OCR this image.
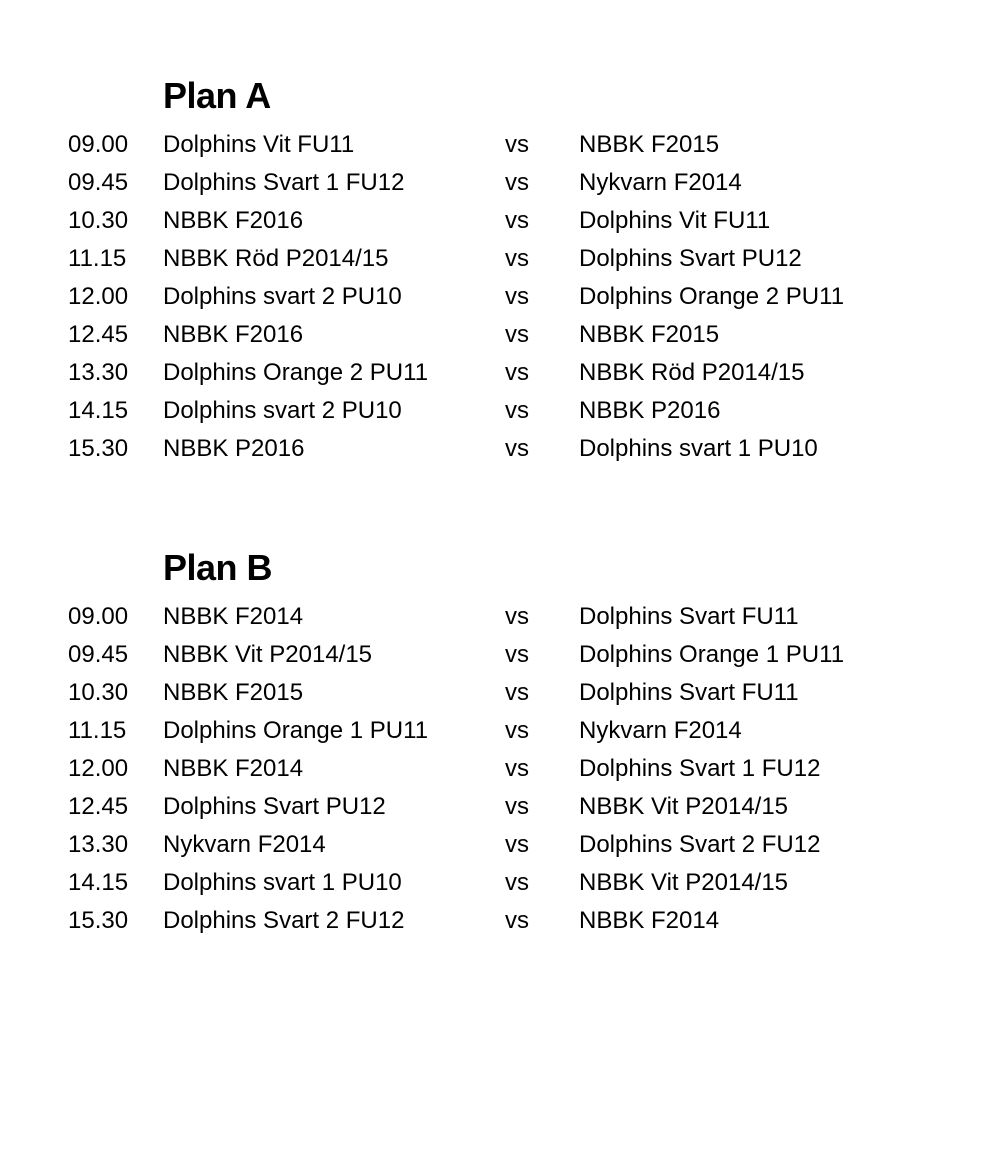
Plan A
09.00 Dolphins Vit FU11	vs NBBK F2015
09.45 Dolphins Svart 1 FU12	vs Nykvarn F2014
10.30 NBBK F2016	vs Dolphins Vit FU11
11.15 NBBK Röd P2014/15	vs Dolphins Svart PU12
12.00 Dolphins svart 2 PU10	vs Dolphins Orange 2 PU11
12.45 NBBK F2016	vs NBBK F2015
13.30 Dolphins Orange 2 PU11	vs NBBK Röd P2014/15
14.15 Dolphins svart 2 PU10	vs NBBK P2016
15.30 NBBK P2016	vs Dolphins svart 1 PU10
Plan B
09.00 NBBK F2014	vs Dolphins Svart FU11
09.45 NBBK Vit P2014/15	vs Dolphins Orange 1 PU11
10.30 NBBK F2015	vs Dolphins Svart FU11
11.15 Dolphins Orange 1 PU11	vs Nykvarn F2014
12.00 NBBK F2014	vs Dolphins Svart 1 FU12
12.45 Dolphins Svart PU12	vs NBBK Vit P2014/15
13.30 Nykvarn F2014	vs Dolphins Svart 2 FU12
14.15 Dolphins svart 1 PU10	vs NBBK Vit P2014/15
15.30 Dolphins Svart 2 FU12	vs NBBK F2014
